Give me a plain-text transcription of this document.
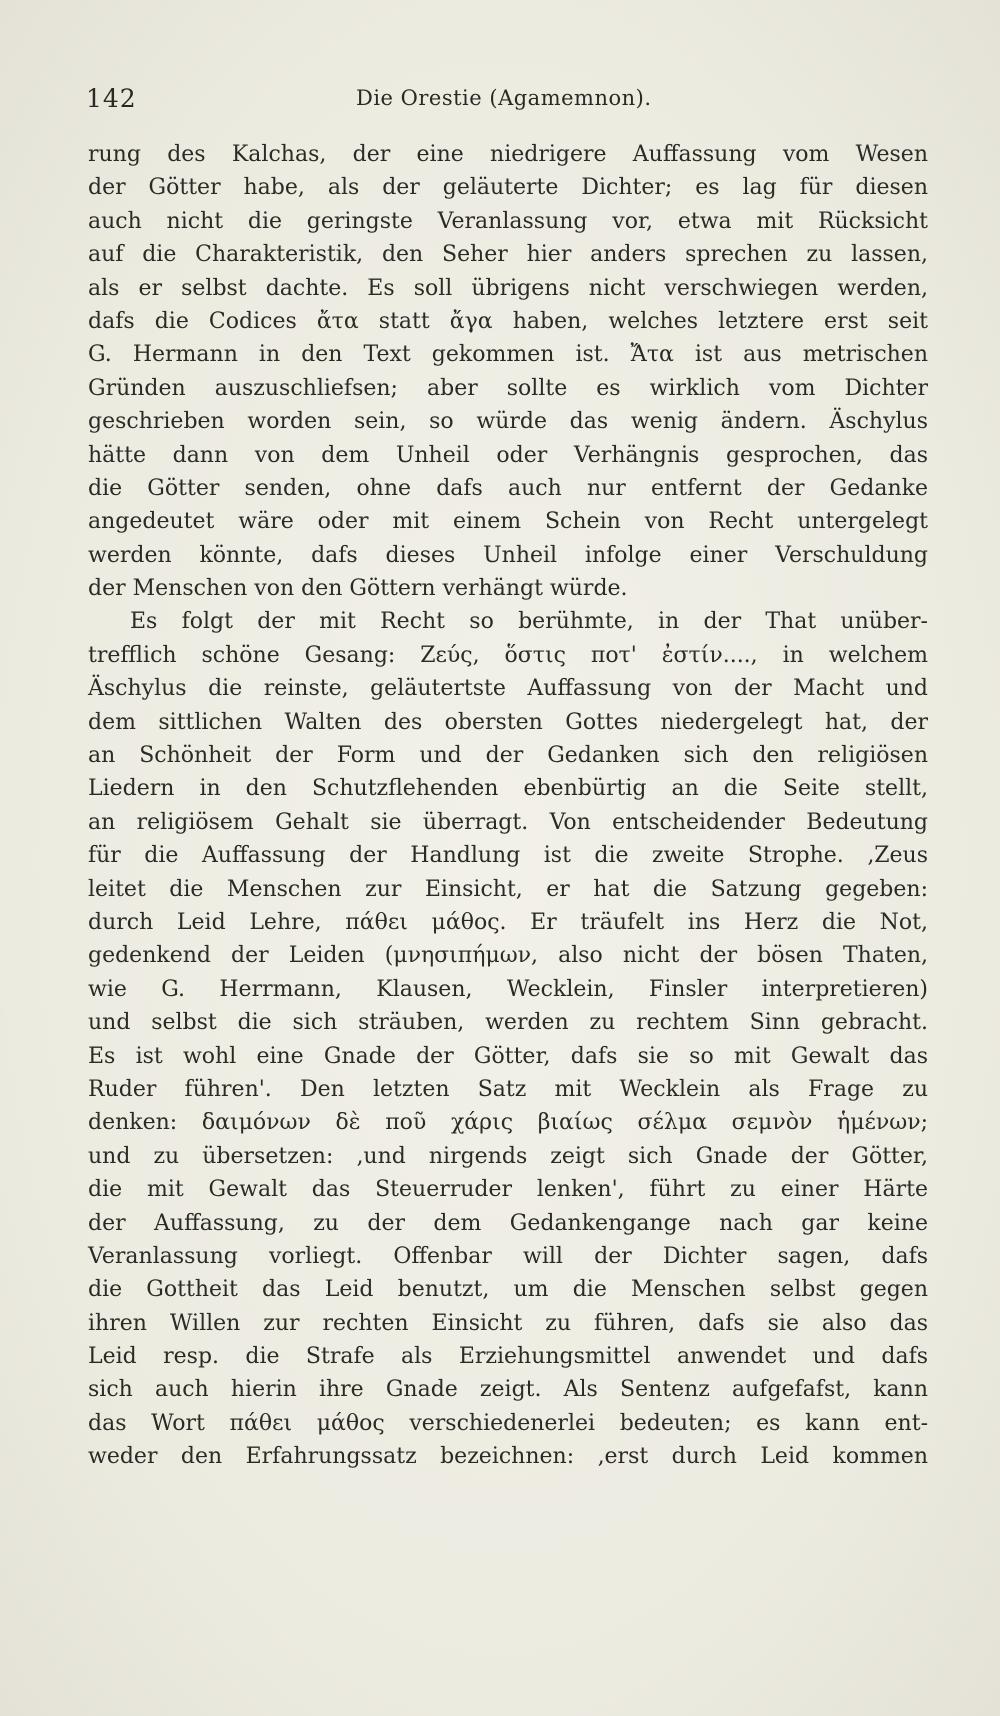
142	Die Orestie (Agamemnon).
rung des Kalchas, der eine niedrigere Auffassung vom Wesen
der Götter habe, als der geläuterte Dichter; es lag für diesen
auch nicht die geringste Veranlassung vor, etwa mit Rücksicht
auf die Charakteristik, den Seher hier anders sprechen zu lassen,
als er selbst dachte. Es soll übrigens nicht verschwiegen werden,
dafs die Codices ἄτα statt ἄγα haben, welches letztere erst seit
G. Hermann in den Text gekommen ist. Ἄτα ist aus metrischen
Gründen auszuschliefsen; aber sollte es wirklich vom Dichter
geschrieben worden sein, so würde das wenig ändern. Äschylus
hätte dann von dem Unheil oder Verhängnis gesprochen, das
die Götter senden, ohne dafs auch nur entfernt der Gedanke
angedeutet wäre oder mit einem Schein von Recht untergelegt
werden könnte, dafs dieses Unheil infolge einer Verschuldung
der Menschen von den Göttern verhängt würde.
Es folgt der mit Recht so berühmte, in der That unüber-
trefflich schöne Gesang: Ζεύς, ὅστις ποτ' ἐστίν...., in welchem
Äschylus die reinste, geläutertste Auffassung von der Macht und
dem sittlichen Walten des obersten Gottes niedergelegt hat, der
an Schönheit der Form und der Gedanken sich den religiösen
Liedern in den Schutzflehenden ebenbürtig an die Seite stellt,
an religiösem Gehalt sie überragt. Von entscheidender Bedeutung
für die Auffassung der Handlung ist die zweite Strophe. ‚Zeus
leitet die Menschen zur Einsicht, er hat die Satzung gegeben:
durch Leid Lehre, πάθει μάθος. Er träufelt ins Herz die Not,
gedenkend der Leiden (μνησιπήμων, also nicht der bösen Thaten,
wie G. Herrmann, Klausen, Wecklein, Finsler interpretieren)
und selbst die sich sträuben, werden zu rechtem Sinn gebracht.
Es ist wohl eine Gnade der Götter, dafs sie so mit Gewalt das
Ruder führen'. Den letzten Satz mit Wecklein als Frage zu
denken: δαιμόνων δὲ ποῦ χάρις βιαίως σέλμα σεμνὸν ἡμένων;
und zu übersetzen: ‚und nirgends zeigt sich Gnade der Götter,
die mit Gewalt das Steuerruder lenken', führt zu einer Härte
der Auffassung, zu der dem Gedankengange nach gar keine
Veranlassung vorliegt. Offenbar will der Dichter sagen, dafs
die Gottheit das Leid benutzt, um die Menschen selbst gegen
ihren Willen zur rechten Einsicht zu führen, dafs sie also das
Leid resp. die Strafe als Erziehungsmittel anwendet und dafs
sich auch hierin ihre Gnade zeigt. Als Sentenz aufgefafst, kann
das Wort πάθει μάθος verschiedenerlei bedeuten; es kann ent-
weder den Erfahrungssatz bezeichnen: ‚erst durch Leid kommen
